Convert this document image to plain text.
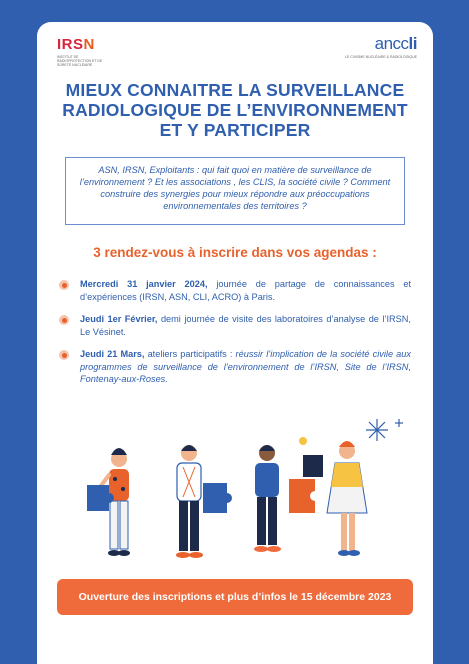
IRSN
INSTITUT DE RADIOPROTECTION ET DE SÛRETÉ NUCLÉAIRE
anccli
LE CIVISME NUCLÉAIRE & RADIOLOGIQUE
MIEUX CONNAITRE LA SURVEILLANCE
RADIOLOGIQUE DE L’ENVIRONNEMENT
ET Y PARTICIPER
ASN, IRSN, Exploitants : qui fait quoi en matière de surveillance de l’environnement ? Et les associations , les CLIS, la société civile ? Comment construire des synergies pour mieux répondre aux préoccupations environnementales des territoires ?
3 rendez-vous à inscrire dans vos agendas :
Mercredi 31 janvier 2024, journée de partage de connaissances et d’expériences (IRSN, ASN, CLI, ACRO) à Paris.
Jeudi 1er Février, demi journée de visite des laboratoires d’analyse de l’IRSN, Le Vésinet.
Jeudi 21 Mars, ateliers participatifs : réussir l’implication de la société civile aux programmes de surveillance de l’environnement de l’IRSN, Site de l’IRSN, Fontenay-aux-Roses.
Ouverture des inscriptions et plus d’infos le 15 décembre 2023
